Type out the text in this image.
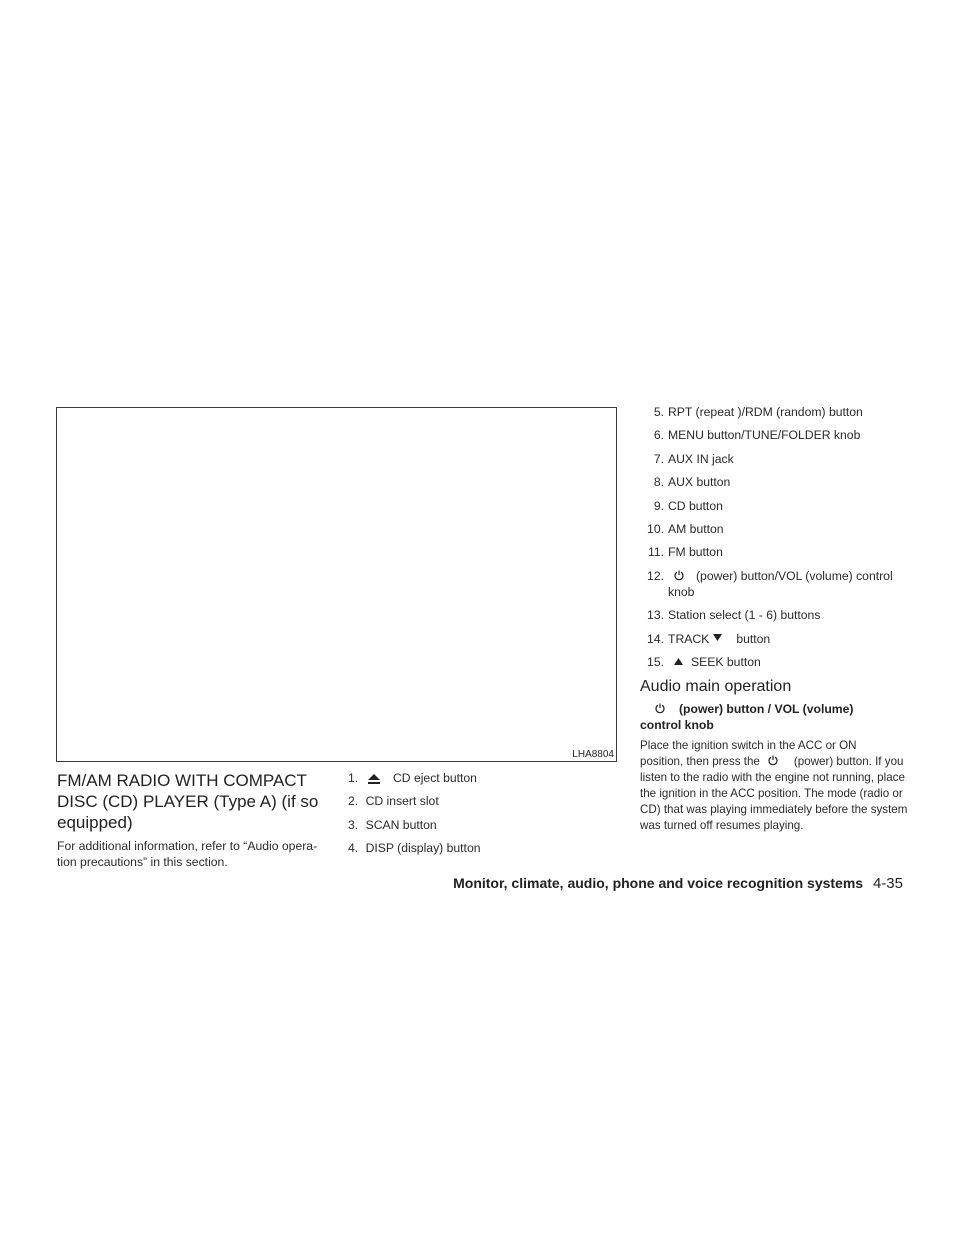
LHA8804
FM/AM RADIO WITH COMPACT DISC (CD) PLAYER (Type A) (if so equipped)

For additional information, refer to “Audio opera- tion precautions” in this section.

1.	CD eject button
2. CD insert slot
3. SCAN button
4. DISP (display) button
5. RPT (repeat )/RDM (random) button
6. MENU button/TUNE/FOLDER knob
7. AUX IN jack
8. AUX button
9. CD button
10. AM button
11. FM button
12.	(power) button/VOL (volume) control
knob
13. Station select (1 - 6) buttons
14. TRACK button
15. SEEK button
Audio main operation
(power) button / VOL (volume)
control knob

Place the ignition switch in the ACC or ON
position, then press the	(power) button. If you listen to the radio with the engine not running, place the ignition in the ACC position. The mode (radio or CD) that was playing immediately before the system was turned off resumes playing.

Monitor, climate, audio, phone and voice recognition systems 4-35
